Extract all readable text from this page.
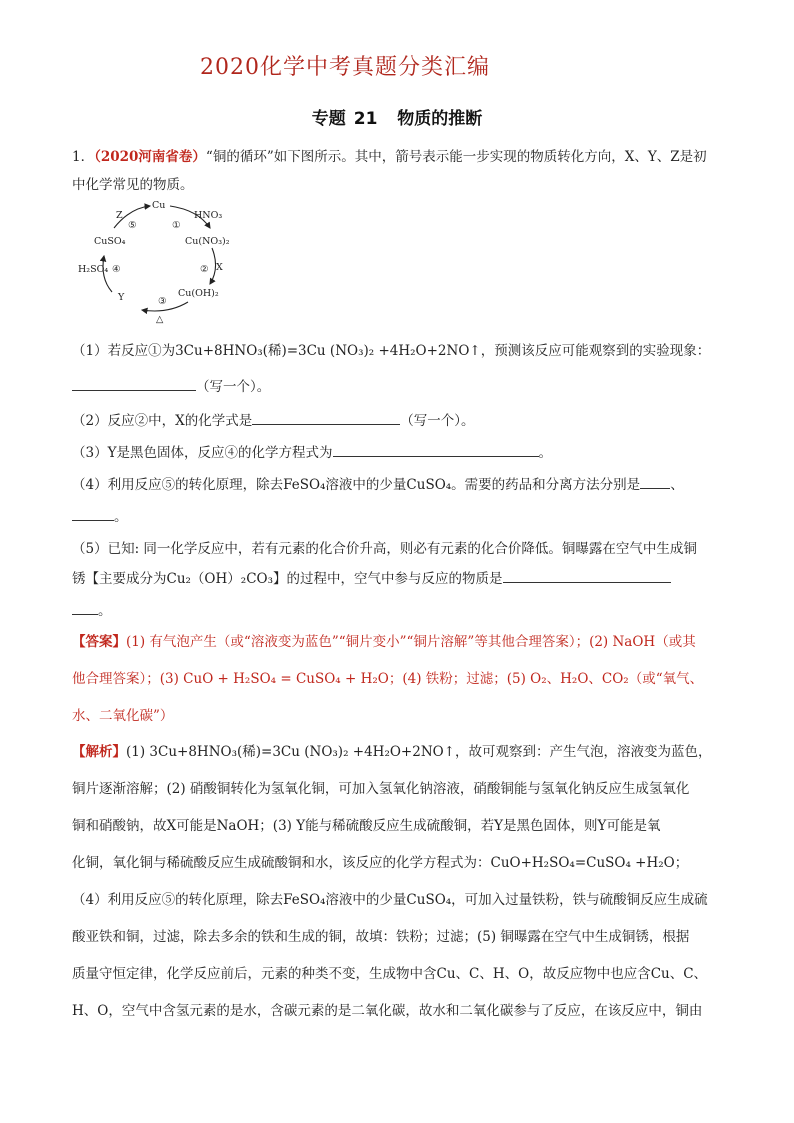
2020化学中考真题分类汇编
专题 21 物质的推断
1．（2020河南省卷）“铜的循环”如下图所示。其中，箭号表示能一步实现的物质转化方向，X、Y、Z是初
中化学常见的物质。
Cu
HNO₃
Cu(NO₃)₂
X
Cu(OH)₂
Y
H₂SO₄
CuSO₄
Z
①
②
③
④
⑤
△
（1）若反应①为3Cu+8HNO₃(稀)=3Cu (NO₃)₂ +4H₂O+2NO↑，预测该反应可能观察到的实验现象：
（写一个）。
（2）反应②中，X的化学式是	（写一个）。
（3）Y是黑色固体，反应④的化学方程式为	。
（4）利用反应⑤的转化原理，除去FeSO₄溶液中的少量CuSO₄。需要的药品和分离方法分别是 、
。
（5）已知: 同一化学反应中，若有元素的化合价升高，则必有元素的化合价降低。铜曝露在空气中生成铜
锈【主要成分为Cu₂（OH）₂CO₃】的过程中，空气中参与反应的物质是
。
【答案】(1) 有气泡产生（或“溶液变为蓝色”“铜片变小”“铜片溶解”等其他合理答案）；(2) NaOH（或其
他合理答案）；(3) CuO + H₂SO₄ = CuSO₄ + H₂O；(4) 铁粉；过滤；(5) O₂、H₂O、CO₂（或“氧气、
水、二氧化碳”）
【解析】(1) 3Cu+8HNO₃(稀)=3Cu (NO₃)₂ +4H₂O+2NO↑，故可观察到：产生气泡，溶液变为蓝色，
铜片逐渐溶解；(2) 硝酸铜转化为氢氧化铜，可加入氢氧化钠溶液，硝酸铜能与氢氧化钠反应生成氢氧化
铜和硝酸钠，故X可能是NaOH；(3) Y能与稀硫酸反应生成硫酸铜，若Y是黑色固体，则Y可能是氧
化铜，氧化铜与稀硫酸反应生成硫酸铜和水，该反应的化学方程式为：CuO+H₂SO₄=CuSO₄ +H₂O；
（4）利用反应⑤的转化原理，除去FeSO₄溶液中的少量CuSO₄，可加入过量铁粉，铁与硫酸铜反应生成硫
酸亚铁和铜，过滤，除去多余的铁和生成的铜，故填：铁粉；过滤；(5) 铜曝露在空气中生成铜锈，根据
质量守恒定律，化学反应前后，元素的种类不变，生成物中含Cu、C、H、O，故反应物中也应含Cu、C、
H、O，空气中含氢元素的是水，含碳元素的是二氧化碳，故水和二氧化碳参与了反应，在该反应中，铜由
